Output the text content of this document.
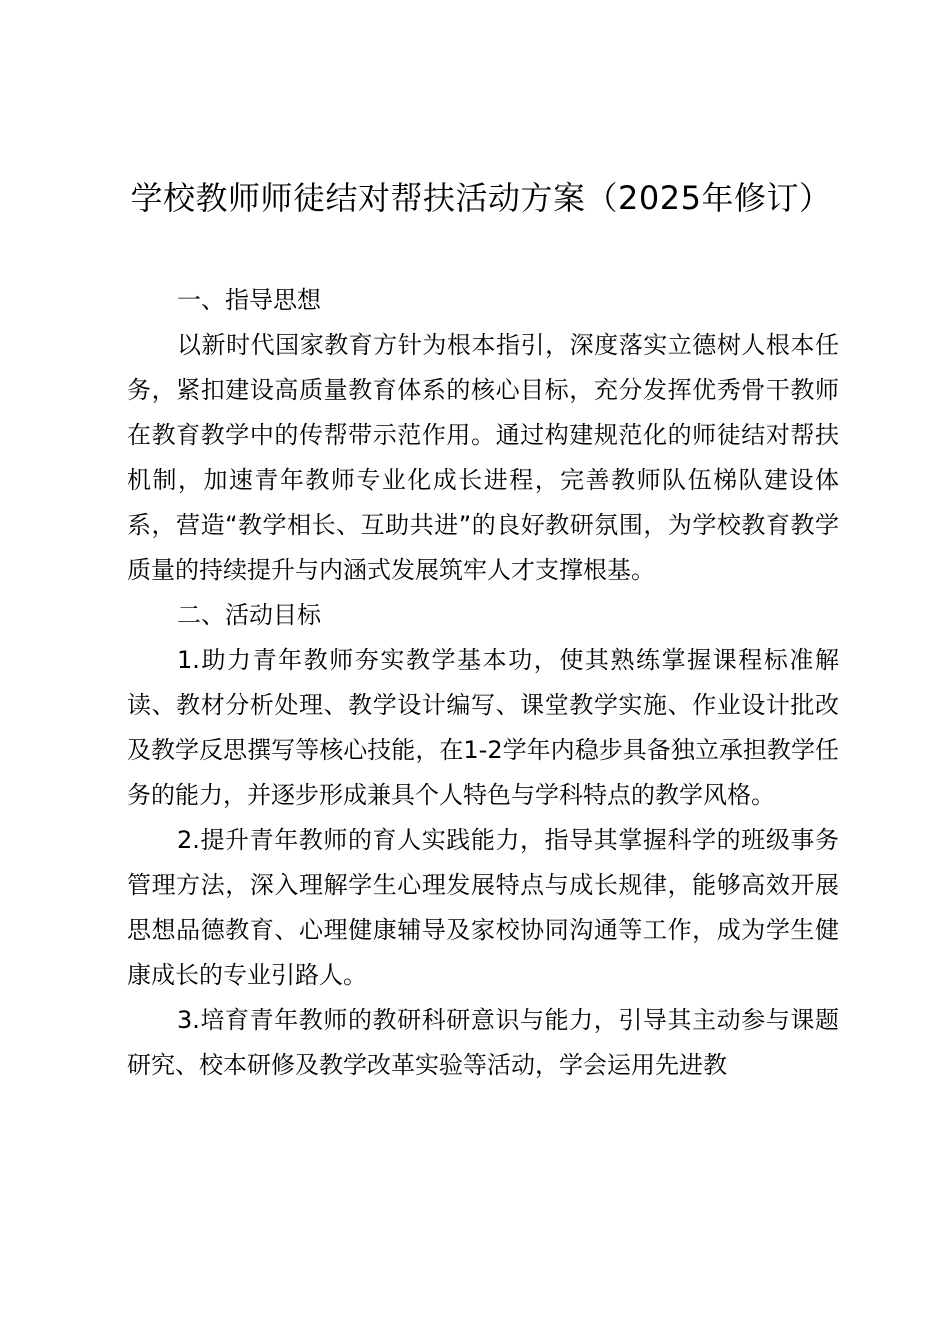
学校教师师徒结对帮扶活动方案（2025年修订）

一、指导思想

以新时代国家教育方针为根本指引，深度落实立德树人根本任务，紧扣建设高质量教育体系的核心目标，充分发挥优秀骨干教师在教育教学中的传帮带示范作用。通过构建规范化的师徒结对帮扶机制，加速青年教师专业化成长进程，完善教师队伍梯队建设体系，营造“教学相长、互助共进”的良好教研氛围，为学校教育教学质量的持续提升与内涵式发展筑牢人才支撑根基。

二、活动目标

1.助力青年教师夯实教学基本功，使其熟练掌握课程标准解读、教材分析处理、教学设计编写、课堂教学实施、作业设计批改及教学反思撰写等核心技能，在1-2学年内稳步具备独立承担教学任务的能力，并逐步形成兼具个人特色与学科特点的教学风格。

2.提升青年教师的育人实践能力，指导其掌握科学的班级事务管理方法，深入理解学生心理发展特点与成长规律，能够高效开展思想品德教育、心理健康辅导及家校协同沟通等工作，成为学生健康成长的专业引路人。

3.培育青年教师的教研科研意识与能力，引导其主动参与课题研究、校本研修及教学改革实验等活动，学会运用先进教
